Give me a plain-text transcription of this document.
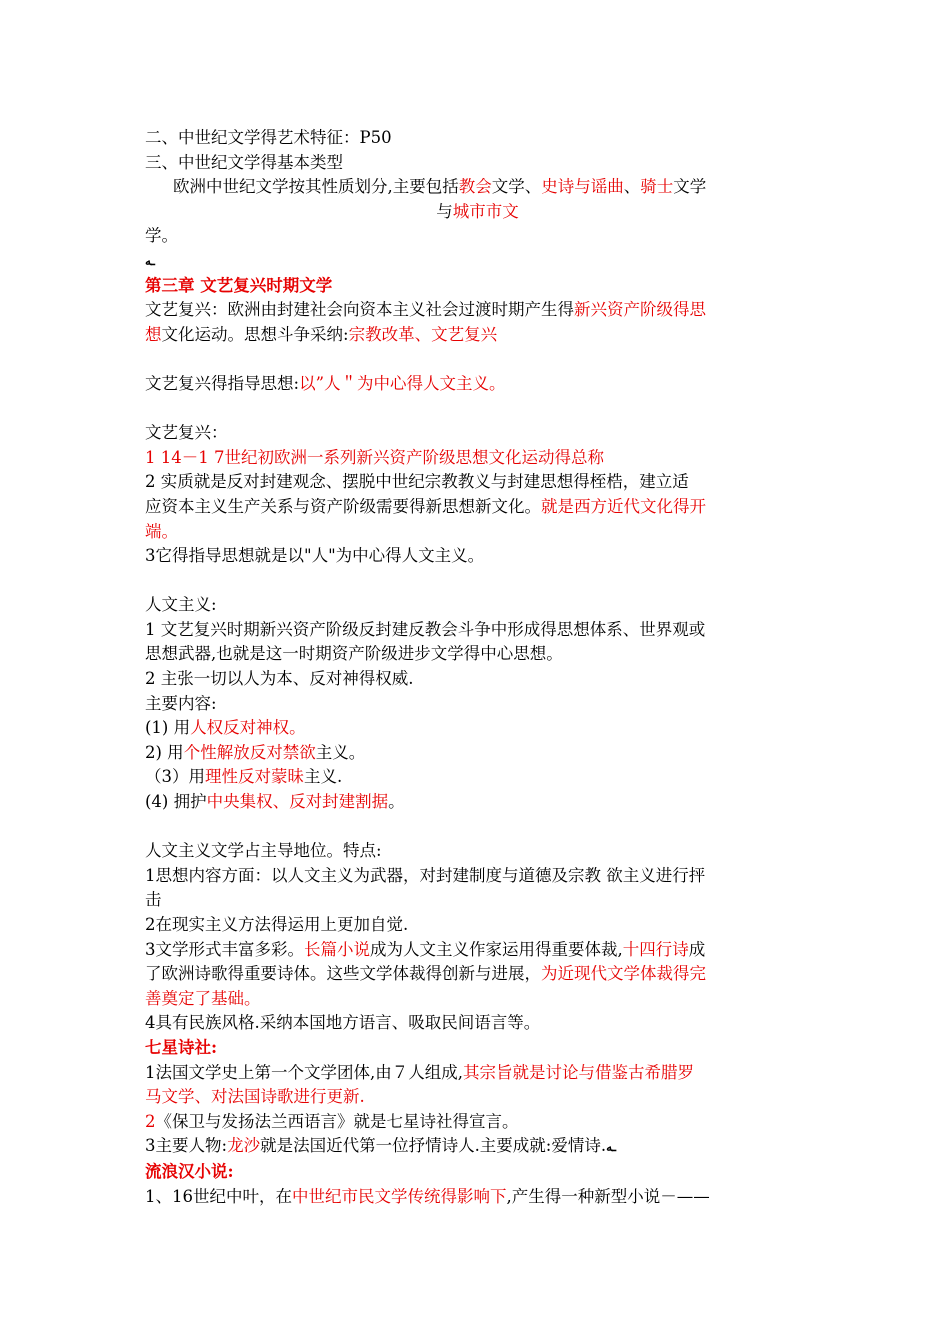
二、中世纪文学得艺术特征：P50
三、中世纪文学得基本类型
欧洲中世纪文学按其性质划分,主要包括教会文学、史诗与谣曲、骑士文学
与城市市文
学。
ـه
第三章 文艺复兴时期文学
文艺复兴：欧洲由封建社会向资本主义社会过渡时期产生得新兴资产阶级得思
想文化运动。思想斗争采纳:宗教改革、文艺复兴
文艺复兴得指导思想:以”人＂为中心得人文主义。
文艺复兴：
1 14－1 7世纪初欧洲一系列新兴资产阶级思想文化运动得总称
2 实质就是反对封建观念、摆脱中世纪宗教教义与封建思想得桎梏，建立适
应资本主义生产关系与资产阶级需要得新思想新文化。就是西方近代文化得开
端。
3它得指导思想就是以"人"为中心得人文主义。
人文主义:
1 文艺复兴时期新兴资产阶级反封建反教会斗争中形成得思想体系、世界观或
思想武器,也就是这一时期资产阶级进步文学得中心思想。
2 主张一切以人为本、反对神得权威.
主要内容:
(1) 用人权反对神权。
2) 用个性解放反对禁欲主义。
（3）用理性反对蒙昧主义.
(4) 拥护中央集权、反对封建割据。
人文主义文学占主导地位。特点:
1思想内容方面：以人文主义为武器，对封建制度与道德及宗教 欲主义进行抨
击
2在现实主义方法得运用上更加自觉.
3文学形式丰富多彩。长篇小说成为人文主义作家运用得重要体裁,十四行诗成
了欧洲诗歌得重要诗体。这些文学体裁得创新与进展，为近现代文学体裁得完
善奠定了基础。
4具有民族风格.采纳本国地方语言、吸取民间语言等。
七星诗社:
1法国文学史上第一个文学团体,由７人组成,其宗旨就是讨论与借鉴古希腊罗
马文学、对法国诗歌进行更新.
2《保卫与发扬法兰西语言》就是七星诗社得宣言。
3主要人物:龙沙就是法国近代第一位抒情诗人.主要成就:爱情诗.ـه
流浪汉小说:
1、16世纪中叶，在中世纪市民文学传统得影响下,产生得一种新型小说－——
